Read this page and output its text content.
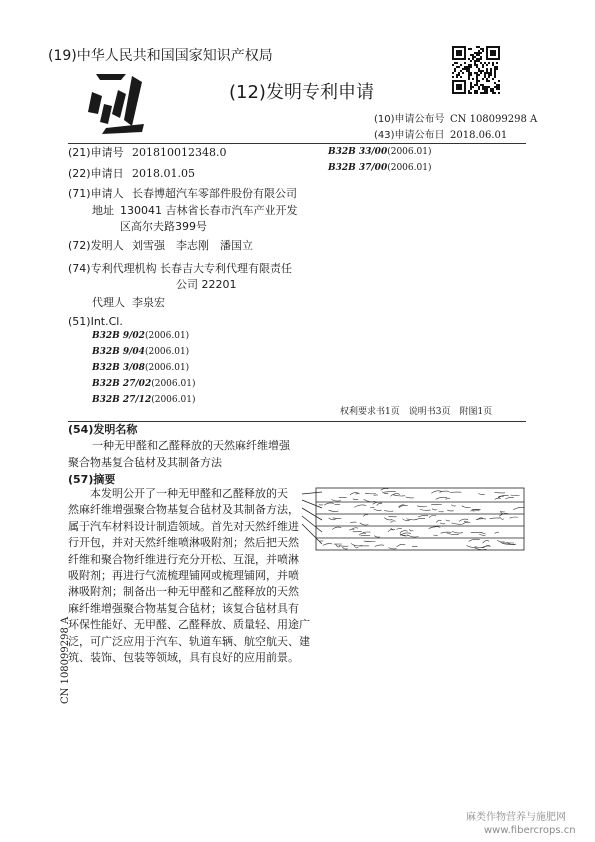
(19)中华人民共和国国家知识产权局
(12)发明专利申请
(10)申请公布号 CN 108099298 A
(43)申请公布日 2018.06.01
(21)申请号 201810012348.0
(22)申请日 2018.01.05
(71)申请人 长春博超汽车零部件股份有限公司
地址 130041 吉林省长春市汽车产业开发
区高尔夫路399号
(72)发明人 刘雪强　李志刚　潘国立
(74)专利代理机构 长春吉大专利代理有限责任
公司 22201
代理人 李泉宏
(51)Int.Cl.
B32B 9/02(2006.01)
B32B 9/04(2006.01)
B32B 3/08(2006.01)
B32B 27/02(2006.01)
B32B 27/12(2006.01)
B32B 33/00(2006.01)
B32B 37/00(2006.01)
权利要求书1页　说明书3页　附图1页
(54)发明名称
一种无甲醛和乙醛释放的天然麻纤维增强
聚合物基复合毡材及其制备方法
(57)摘要
本发明公开了一种无甲醛和乙醛释放的天
然麻纤维增强聚合物基复合毡材及其制备方法，
属于汽车材料设计制造领域。首先对天然纤维进
行开包，并对天然纤维喷淋吸附剂；然后把天然
纤维和聚合物纤维进行充分开松、互混，并喷淋
吸附剂；再进行气流梳理铺网或梳理铺网，并喷
淋吸附剂；制备出一种无甲醛和乙醛释放的天然
麻纤维增强聚合物基复合毡材；该复合毡材具有
环保性能好、无甲醛、乙醛释放、质量轻、用途广
泛，可广泛应用于汽车、轨道车辆、航空航天、建
筑、装饰、包装等领域，具有良好的应用前景。
CN 108099298 A
麻类作物营养与施肥网
www.fibercrops.cn
